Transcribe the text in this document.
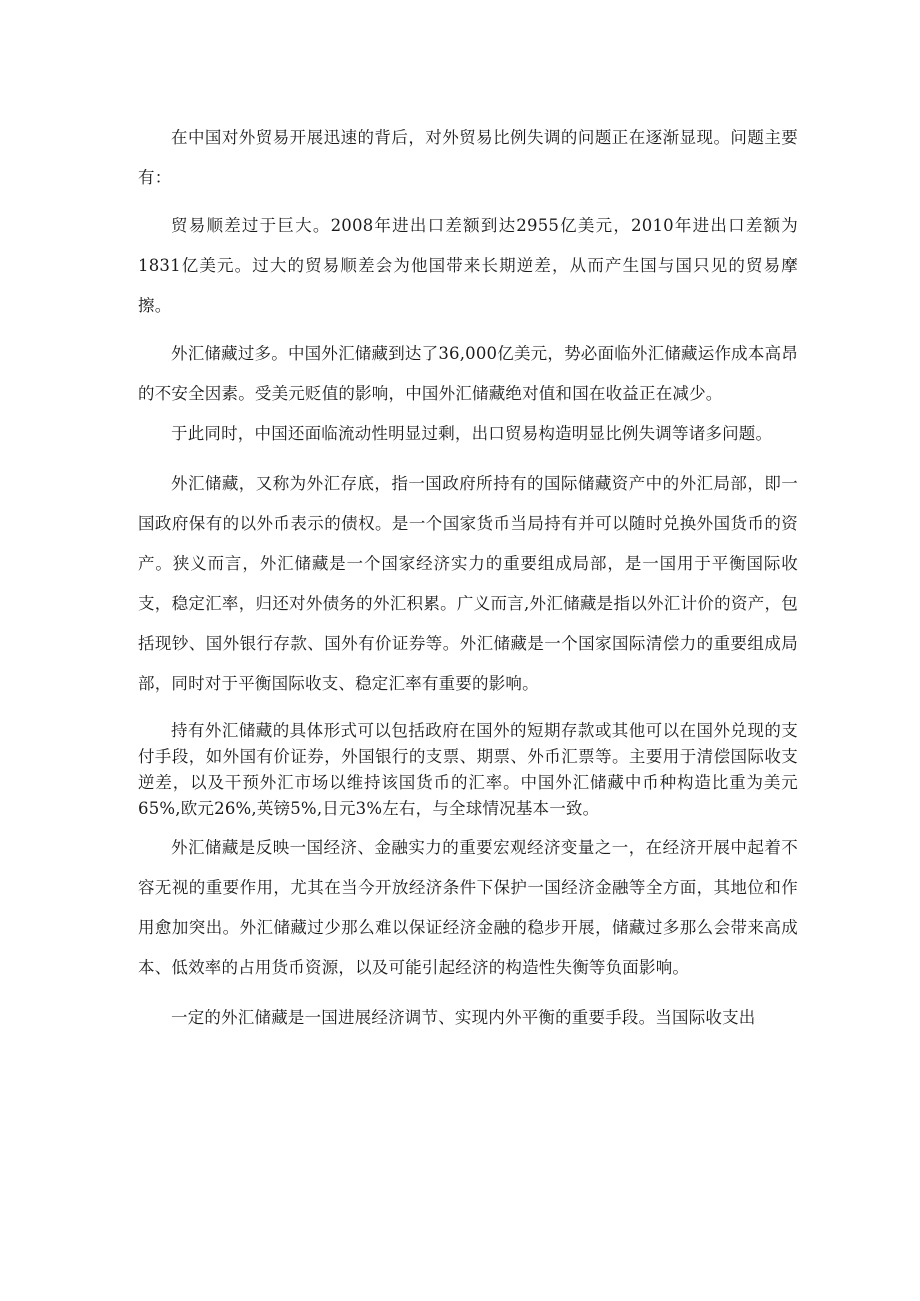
在中国对外贸易开展迅速的背后，对外贸易比例失调的问题正在逐渐显现。问题主要有：

贸易顺差过于巨大。2008年进出口差额到达2955亿美元，2010年进出口差额为1831亿美元。过大的贸易顺差会为他国带来长期逆差，从而产生国与国只见的贸易摩擦。

外汇储藏过多。中国外汇储藏到达了36,000亿美元，势必面临外汇储藏运作成本高昂的不安全因素。受美元贬值的影响，中国外汇储藏绝对值和国在收益正在减少。

于此同时，中国还面临流动性明显过剩，出口贸易构造明显比例失调等诸多问题。

外汇储藏，又称为外汇存底，指一国政府所持有的国际储藏资产中的外汇局部，即一国政府保有的以外币表示的债权。是一个国家货币当局持有并可以随时兑换外国货币的资产。狭义而言，外汇储藏是一个国家经济实力的重要组成局部，是一国用于平衡国际收支，稳定汇率，归还对外债务的外汇积累。广义而言,外汇储藏是指以外汇计价的资产，包括现钞、国外银行存款、国外有价证券等。外汇储藏是一个国家国际清偿力的重要组成局部，同时对于平衡国际收支、稳定汇率有重要的影响。

持有外汇储藏的具体形式可以包括政府在国外的短期存款或其他可以在国外兑现的支付手段，如外国有价证券，外国银行的支票、期票、外币汇票等。主要用于清偿国际收支逆差，以及干预外汇市场以维持该国货币的汇率。中国外汇储藏中币种构造比重为美元65%,欧元26%,英镑5%,日元3%左右，与全球情况基本一致。

外汇储藏是反映一国经济、金融实力的重要宏观经济变量之一，在经济开展中起着不容无视的重要作用，尤其在当今开放经济条件下保护一国经济金融等全方面，其地位和作用愈加突出。外汇储藏过少那么难以保证经济金融的稳步开展，储藏过多那么会带来高成本、低效率的占用货币资源，以及可能引起经济的构造性失衡等负面影响。

一定的外汇储藏是一国进展经济调节、实现内外平衡的重要手段。当国际收支出
